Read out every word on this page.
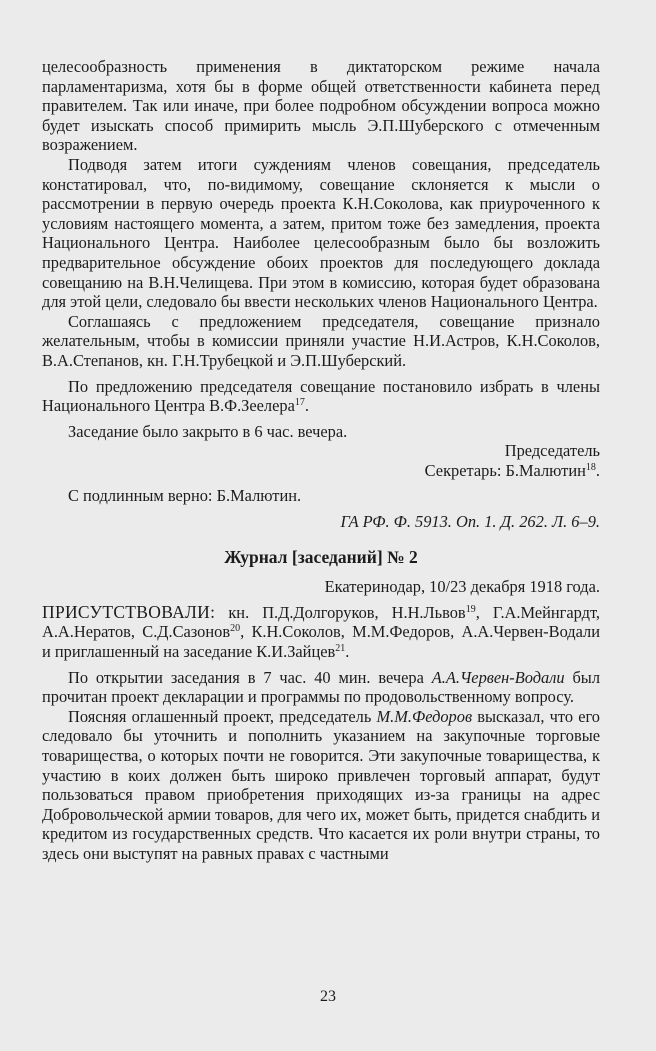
целесообразность применения в диктаторском режиме начала парламентаризма, хотя бы в форме общей ответственности кабинета перед правителем. Так или иначе, при более подробном обсуждении вопроса можно будет изыскать способ примирить мысль Э.П.Шуберского с отмеченным возражением.

Подводя затем итоги суждениям членов совещания, председатель констатировал, что, по-видимому, совещание склоняется к мысли о рассмотрении в первую очередь проекта К.Н.Соколова, как приуроченного к условиям настоящего момента, а затем, притом тоже без замедления, проекта Национального Центра. Наиболее целесообразным было бы возложить предварительное обсуждение обоих проектов для последующего доклада совещанию на В.Н.Челищева. При этом в комиссию, которая будет образована для этой цели, следовало бы ввести нескольких членов Национального Центра.

Соглашаясь с предложением председателя, совещание признало желательным, чтобы в комиссии приняли участие Н.И.Астров, К.Н.Соколов, В.А.Степанов, кн. Г.Н.Трубецкой и Э.П.Шуберский.

По предложению председателя совещание постановило избрать в члены Национального Центра В.Ф.Зеелера$^{17}$.

Заседание было закрыто в 6 час. вечера.

Председатель

Секретарь: Б.Малютин$^{18}$.

С подлинным верно: Б.Малютин.

ГА РФ. Ф. 5913. Оп. 1. Д. 262. Л. 6–9.

Журнал [заседаний] № 2

Екатеринодар, 10/23 декабря 1918 года.

ПРИСУТСТВОВАЛИ: кн. П.Д.Долгоруков, Н.Н.Львов$^{19}$, Г.А.Мейнгардт, А.А.Нератов, С.Д.Сазонов$^{20}$, К.Н.Соколов, М.М.Федоров, А.А.Червен-Водали и приглашенный на заседание К.И.Зайцев$^{21}$.

По открытии заседания в 7 час. 40 мин. вечера А.А.Червен-Водали был прочитан проект декларации и программы по продовольственному вопросу.

Поясняя оглашенный проект, председатель М.М.Федоров высказал, что его следовало бы уточнить и пополнить указанием на закупочные торговые товарищества, о которых почти не говорится. Эти закупочные товарищества, к участию в коих должен быть широко привлечен торговый аппарат, будут пользоваться правом приобретения приходящих из-за границы на адрес Добровольческой армии товаров, для чего их, может быть, придется снабдить и кредитом из государственных средств. Что касается их роли внутри страны, то здесь они выступят на равных правах с частными

23
